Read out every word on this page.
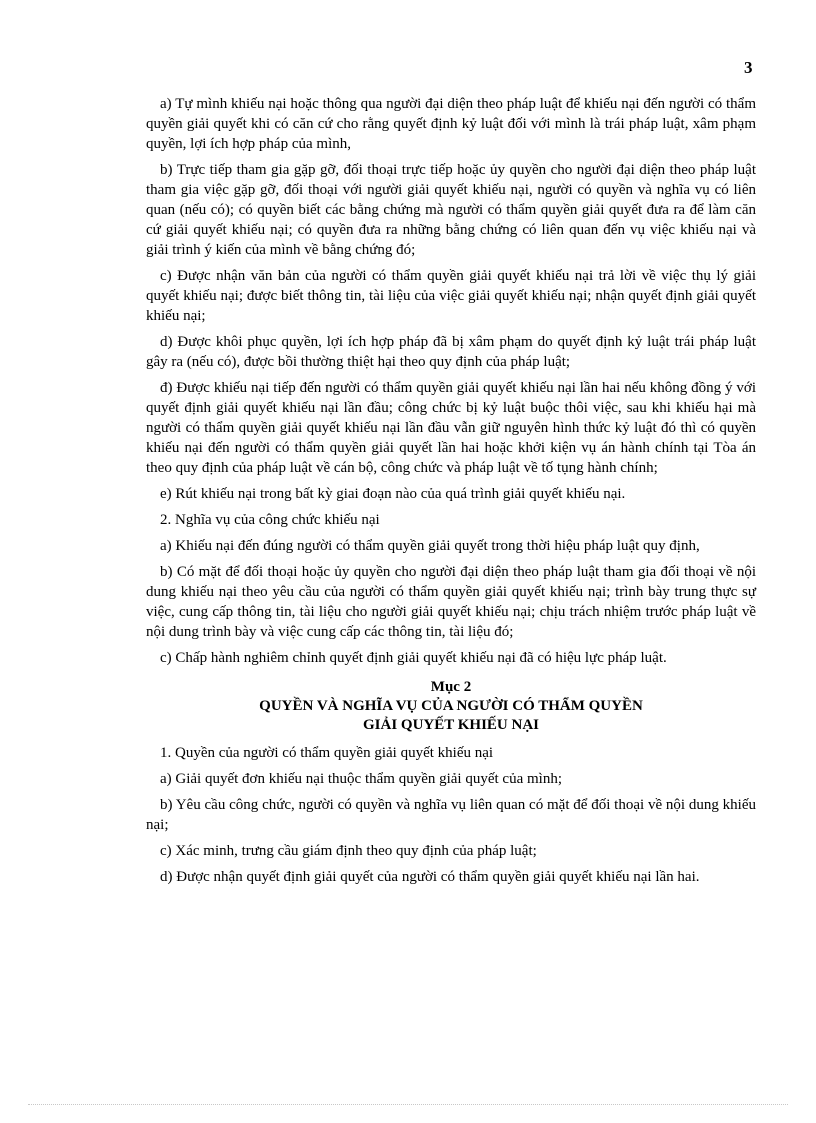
3

a) Tự mình khiếu nại hoặc thông qua người đại diện theo pháp luật để khiếu nại đến người có thẩm quyền giải quyết khi có căn cứ cho rằng quyết định kỷ luật đối với mình là trái pháp luật, xâm phạm quyền, lợi ích hợp pháp của mình,

b) Trực tiếp tham gia gặp gỡ, đối thoại trực tiếp hoặc ủy quyền cho người đại diện theo pháp luật tham gia việc gặp gỡ, đối thoại với người giải quyết khiếu nại, người có quyền và nghĩa vụ có liên quan (nếu có); có quyền biết các bằng chứng mà người có thẩm quyền giải quyết đưa ra để làm căn cứ giải quyết khiếu nại; có quyền đưa ra những bằng chứng có liên quan đến vụ việc khiếu nại và giải trình ý kiến của mình về bằng chứng đó;

c) Được nhận văn bản của người có thẩm quyền giải quyết khiếu nại trả lời về việc thụ lý giải quyết khiếu nại; được biết thông tin, tài liệu của việc giải quyết khiếu nại; nhận quyết định giải quyết khiếu nại;

d) Được khôi phục quyền, lợi ích hợp pháp đã bị xâm phạm do quyết định kỷ luật trái pháp luật gây ra (nếu có), được bồi thường thiệt hại theo quy định của pháp luật;

đ) Được khiếu nại tiếp đến người có thẩm quyền giải quyết khiếu nại lần hai nếu không đồng ý với quyết định giải quyết khiếu nại lần đầu; công chức bị kỷ luật buộc thôi việc, sau khi khiếu hại mà người có thẩm quyền giải quyết khiếu nại lần đầu vẫn giữ nguyên hình thức kỷ luật đó thì có quyền khiếu nại đến người có thẩm quyền giải quyết lần hai hoặc khởi kiện vụ án hành chính tại Tòa án theo quy định của pháp luật về cán bộ, công chức và pháp luật về tố tụng hành chính;

e) Rút khiếu nại trong bất kỳ giai đoạn nào của quá trình giải quyết khiếu nại.

2. Nghĩa vụ của công chức khiếu nại

a) Khiếu nại đến đúng người có thẩm quyền giải quyết trong thời hiệu pháp luật quy định,

b) Có mặt để đối thoại hoặc ủy quyền cho người đại diện theo pháp luật tham gia đối thoại về nội dung khiếu nại theo yêu cầu của người có thẩm quyền giải quyết khiếu nại; trình bày trung thực sự việc, cung cấp thông tin, tài liệu cho người giải quyết khiếu nại; chịu trách nhiệm trước pháp luật về nội dung trình bày và việc cung cấp các thông tin, tài liệu đó;

c) Chấp hành nghiêm chỉnh quyết định giải quyết khiếu nại đã có hiệu lực pháp luật.

Mục 2
QUYỀN VÀ NGHĨA VỤ CỦA NGƯỜI CÓ THẨM QUYỀN
GIẢI QUYẾT KHIẾU NẠI

1. Quyền của người có thẩm quyền giải quyết khiếu nại

a) Giải quyết đơn khiếu nại thuộc thẩm quyền giải quyết của mình;

b) Yêu cầu công chức, người có quyền và nghĩa vụ liên quan có mặt để đối thoại về nội dung khiếu nại;

c) Xác minh, trưng cầu giám định theo quy định của pháp luật;

d) Được nhận quyết định giải quyết của người có thẩm quyền giải quyết khiếu nại lần hai.
